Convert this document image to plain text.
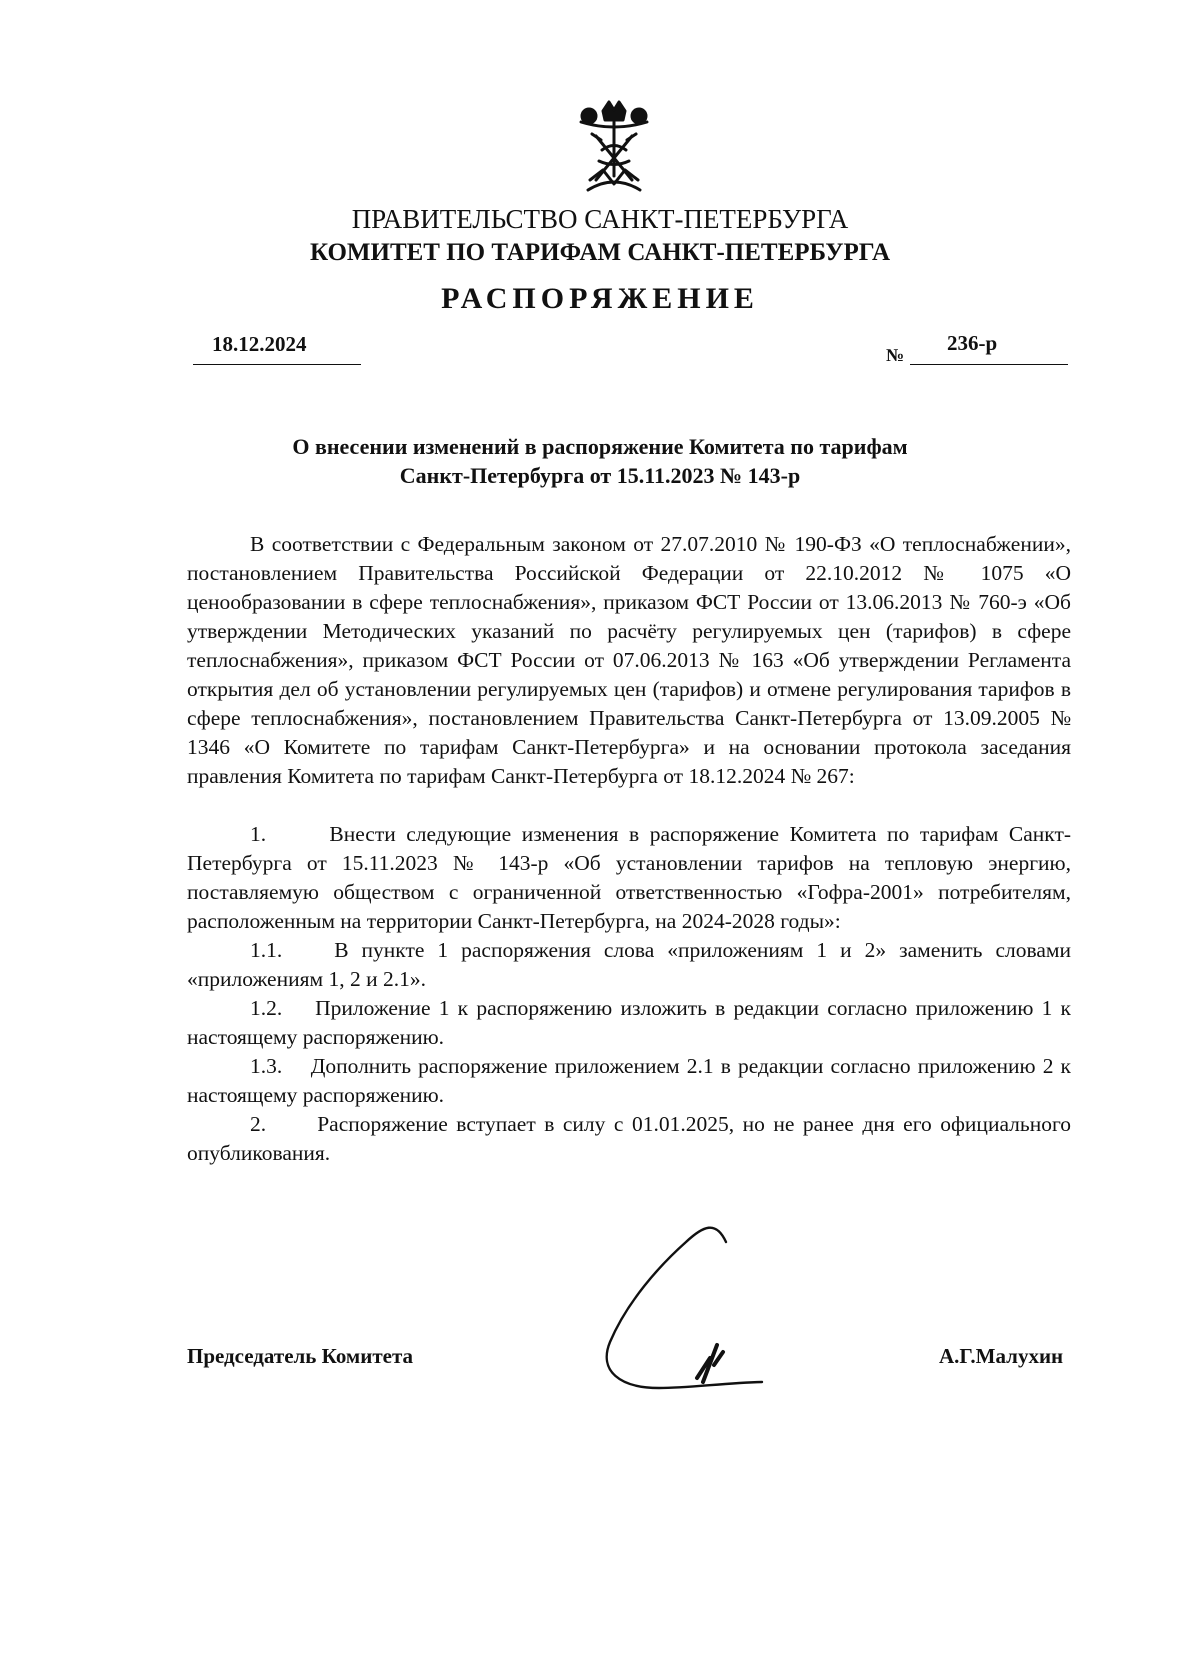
ПРАВИТЕЛЬСТВО САНКТ-ПЕТЕРБУРГА
КОМИТЕТ ПО ТАРИФАМ САНКТ-ПЕТЕРБУРГА
РАСПОРЯЖЕНИЕ
18.12.2024	№ 236-р
О внесении изменений в распоряжение Комитета по тарифам
Санкт-Петербурга от 15.11.2023 № 143-р

В соответствии с Федеральным законом от 27.07.2010 № 190-ФЗ «О теплоснабжении», постановлением Правительства Российской Федерации от 22.10.2012 № 1075 «О ценообразовании в сфере теплоснабжения», приказом ФСТ России от 13.06.2013 № 760-э «Об утверждении Методических указаний по расчёту регулируемых цен (тарифов) в сфере теплоснабжения», приказом ФСТ России от 07.06.2013 № 163 «Об утверждении Регламента открытия дел об установлении регулируемых цен (тарифов) и отмене регулирования тарифов в сфере теплоснабжения», постановлением Правительства Санкт-Петербурга от 13.09.2005 № 1346 «О Комитете по тарифам Санкт-Петербурга» и на основании протокола заседания правления Комитета по тарифам Санкт-Петербурга от 18.12.2024 № 267:

1.	Внести следующие изменения в распоряжение Комитета по тарифам Санкт-Петербурга от 15.11.2023 № 143-р «Об установлении тарифов на тепловую энергию, поставляемую обществом с ограниченной ответственностью «Гофра-2001» потребителям, расположенным на территории Санкт-Петербурга, на 2024-2028 годы»:

1.1. В пункте 1 распоряжения слова «приложениям 1 и 2» заменить словами «приложениям 1, 2 и 2.1».

1.2. Приложение 1 к распоряжению изложить в редакции согласно приложению 1 к настоящему распоряжению.

1.3. Дополнить распоряжение приложением 2.1 в редакции согласно приложению 2 к настоящему распоряжению.

2. Распоряжение вступает в силу с 01.01.2025, но не ранее дня его официального опубликования.

Председатель Комитета	А.Г.Малухин
